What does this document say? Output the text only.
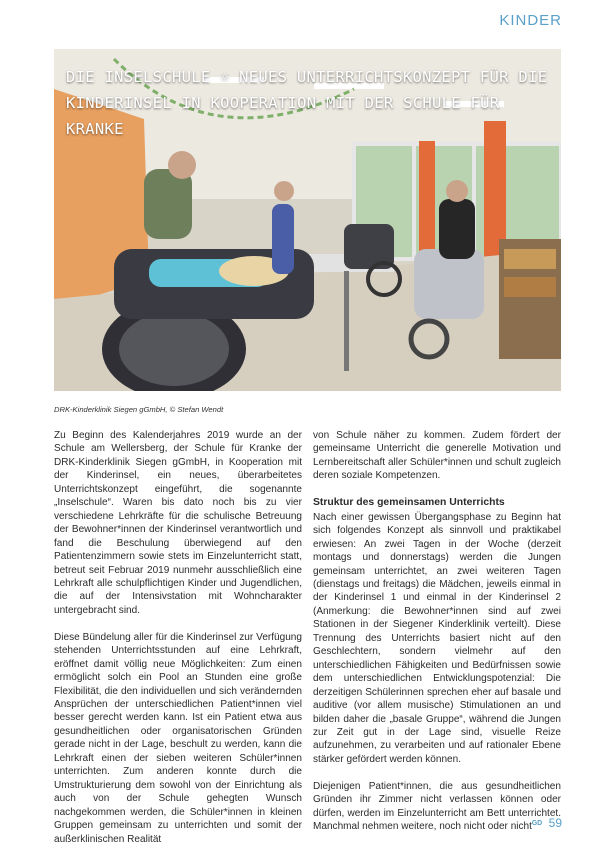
KINDER
DIE INSELSCHULE ☼ NEUES UNTERRICHTSKONZEPT FÜR DIE KINDERINSEL IN KOOPERATION MIT DER SCHULE FÜR KRANKE
DRK-Kinderklinik Siegen gGmbH, © Stefan Wendt

Zu Beginn des Kalenderjahres 2019 wurde an der Schule am Wellersberg, der Schule für Kranke der DRK-Kinderklinik Siegen gGmbH, in Kooperation mit der Kinderinsel, ein neues, überarbeitetes Unterrichtskonzept eingeführt, die sogenannte „Inselschule“. Waren bis dato noch bis zu vier verschiedene Lehrkräfte für die schulische Betreuung der Bewohner*innen der Kinderinsel verantwortlich und fand die Beschulung überwiegend auf den Patientenzimmern sowie stets im Einzelunterricht statt, betreut seit Februar 2019 nunmehr ausschließlich eine Lehrkraft alle schulpflichtigen Kinder und Jugendlichen, die auf der Intensivstation mit Wohncharakter untergebracht sind.

Diese Bündelung aller für die Kinderinsel zur Verfügung stehenden Unterrichtsstunden auf eine Lehrkraft, eröffnet damit völlig neue Möglichkeiten: Zum einen ermöglicht solch ein Pool an Stunden eine große Flexibilität, die den individuellen und sich verändernden Ansprüchen der unterschiedlichen Patient*innen viel besser gerecht werden kann. Ist ein Patient etwa aus gesundheitlichen oder organisatorischen Gründen gerade nicht in der Lage, beschult zu werden, kann die Lehrkraft einen der sieben weiteren Schüler*innen unterrichten. Zum anderen konnte durch die Umstrukturierung dem sowohl von der Einrichtung als auch von der Schule gehegten Wunsch nachgekommen werden, die Schüler*innen in kleinen Gruppen gemeinsam zu unterrichten und somit der außerklinischen Realität

von Schule näher zu kommen. Zudem fördert der gemeinsame Unterricht die generelle Motivation und Lernbereitschaft aller Schüler*innen und schult zugleich deren soziale Kompetenzen.

Struktur des gemeinsamen Unterrichts

Nach einer gewissen Übergangsphase zu Beginn hat sich folgendes Konzept als sinnvoll und praktikabel erwiesen: An zwei Tagen in der Woche (derzeit montags und donnerstags) werden die Jungen gemeinsam unterrichtet, an zwei weiteren Tagen (dienstags und freitags) die Mädchen, jeweils einmal in der Kinderinsel 1 und einmal in der Kinderinsel 2 (Anmerkung: die Bewohner*innen sind auf zwei Stationen in der Siegener Kinderklinik verteilt). Diese Trennung des Unterrichts basiert nicht auf den Geschlechtern, sondern vielmehr auf den unterschiedlichen Fähigkeiten und Bedürfnissen sowie dem unterschiedlichen Entwicklungspotenzial: Die derzeitigen Schülerinnen sprechen eher auf basale und auditive (vor allem musische) Stimulationen an und bilden daher die „basale Gruppe“, während die Jungen zur Zeit gut in der Lage sind, visuelle Reize aufzunehmen, zu verarbeiten und auf rationaler Ebene stärker gefördert werden können.

Diejenigen Patient*innen, die aus gesundheitlichen Gründen ihr Zimmer nicht verlassen können oder dürfen, werden im Einzelunterricht am Bett unterrichtet. Manchmal nehmen weitere, noch nicht oder nicht GD 59
